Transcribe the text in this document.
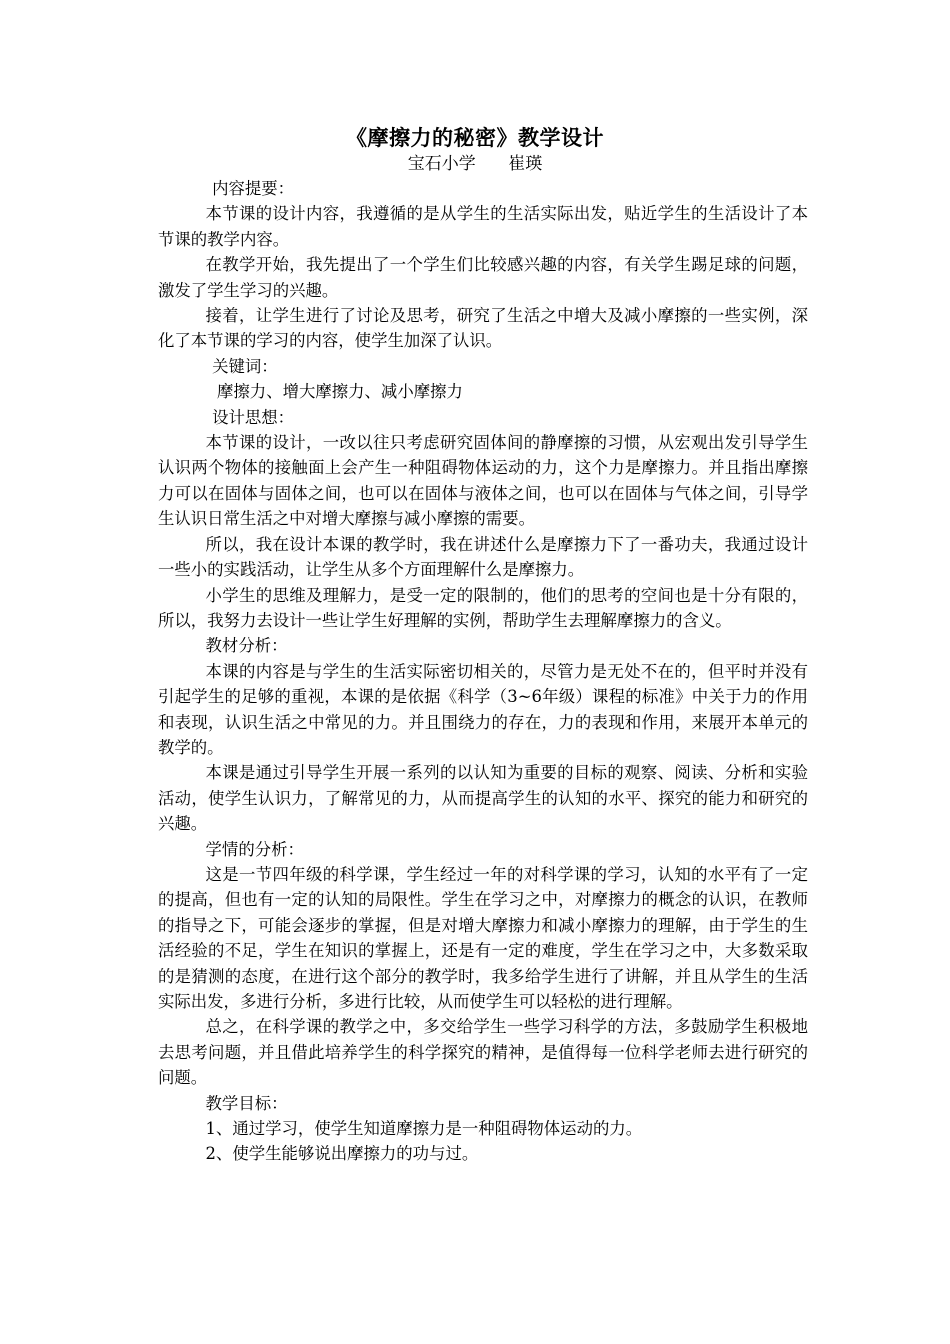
《摩擦力的秘密》教学设计
宝石小学      崔瑛

内容提要：

本节课的设计内容，我遵循的是从学生的生活实际出发，贴近学生的生活设计了本节课的教学内容。

在教学开始，我先提出了一个学生们比较感兴趣的内容，有关学生踢足球的问题，激发了学生学习的兴趣。

接着，让学生进行了讨论及思考，研究了生活之中增大及减小摩擦的一些实例，深化了本节课的学习的内容，使学生加深了认识。

关键词：

摩擦力、增大摩擦力、减小摩擦力

设计思想：

本节课的设计，一改以往只考虑研究固体间的静摩擦的习惯，从宏观出发引导学生认识两个物体的接触面上会产生一种阻碍物体运动的力，这个力是摩擦力。并且指出摩擦力可以在固体与固体之间，也可以在固体与液体之间，也可以在固体与气体之间，引导学生认识日常生活之中对增大摩擦与减小摩擦的需要。

所以，我在设计本课的教学时，我在讲述什么是摩擦力下了一番功夫，我通过设计一些小的实践活动，让学生从多个方面理解什么是摩擦力。

小学生的思维及理解力，是受一定的限制的，他们的思考的空间也是十分有限的，所以，我努力去设计一些让学生好理解的实例，帮助学生去理解摩擦力的含义。

教材分析：

本课的内容是与学生的生活实际密切相关的，尽管力是无处不在的，但平时并没有引起学生的足够的重视，本课的是依据《科学（3~6年级）课程的标准》中关于力的作用和表现，认识生活之中常见的力。并且围绕力的存在，力的表现和作用，来展开本单元的教学的。

本课是通过引导学生开展一系列的以认知为重要的目标的观察、阅读、分析和实验活动，使学生认识力，了解常见的力，从而提高学生的认知的水平、探究的能力和研究的兴趣。

学情的分析：

这是一节四年级的科学课，学生经过一年的对科学课的学习，认知的水平有了一定的提高，但也有一定的认知的局限性。学生在学习之中，对摩擦力的概念的认识，在教师的指导之下，可能会逐步的掌握，但是对增大摩擦力和减小摩擦力的理解，由于学生的生活经验的不足，学生在知识的掌握上，还是有一定的难度，学生在学习之中，大多数采取的是猜测的态度，在进行这个部分的教学时，我多给学生进行了讲解，并且从学生的生活实际出发，多进行分析，多进行比较，从而使学生可以轻松的进行理解。

总之，在科学课的教学之中，多交给学生一些学习科学的方法，多鼓励学生积极地去思考问题，并且借此培养学生的科学探究的精神，是值得每一位科学老师去进行研究的问题。

教学目标：

1、通过学习，使学生知道摩擦力是一种阻碍物体运动的力。

2、使学生能够说出摩擦力的功与过。
